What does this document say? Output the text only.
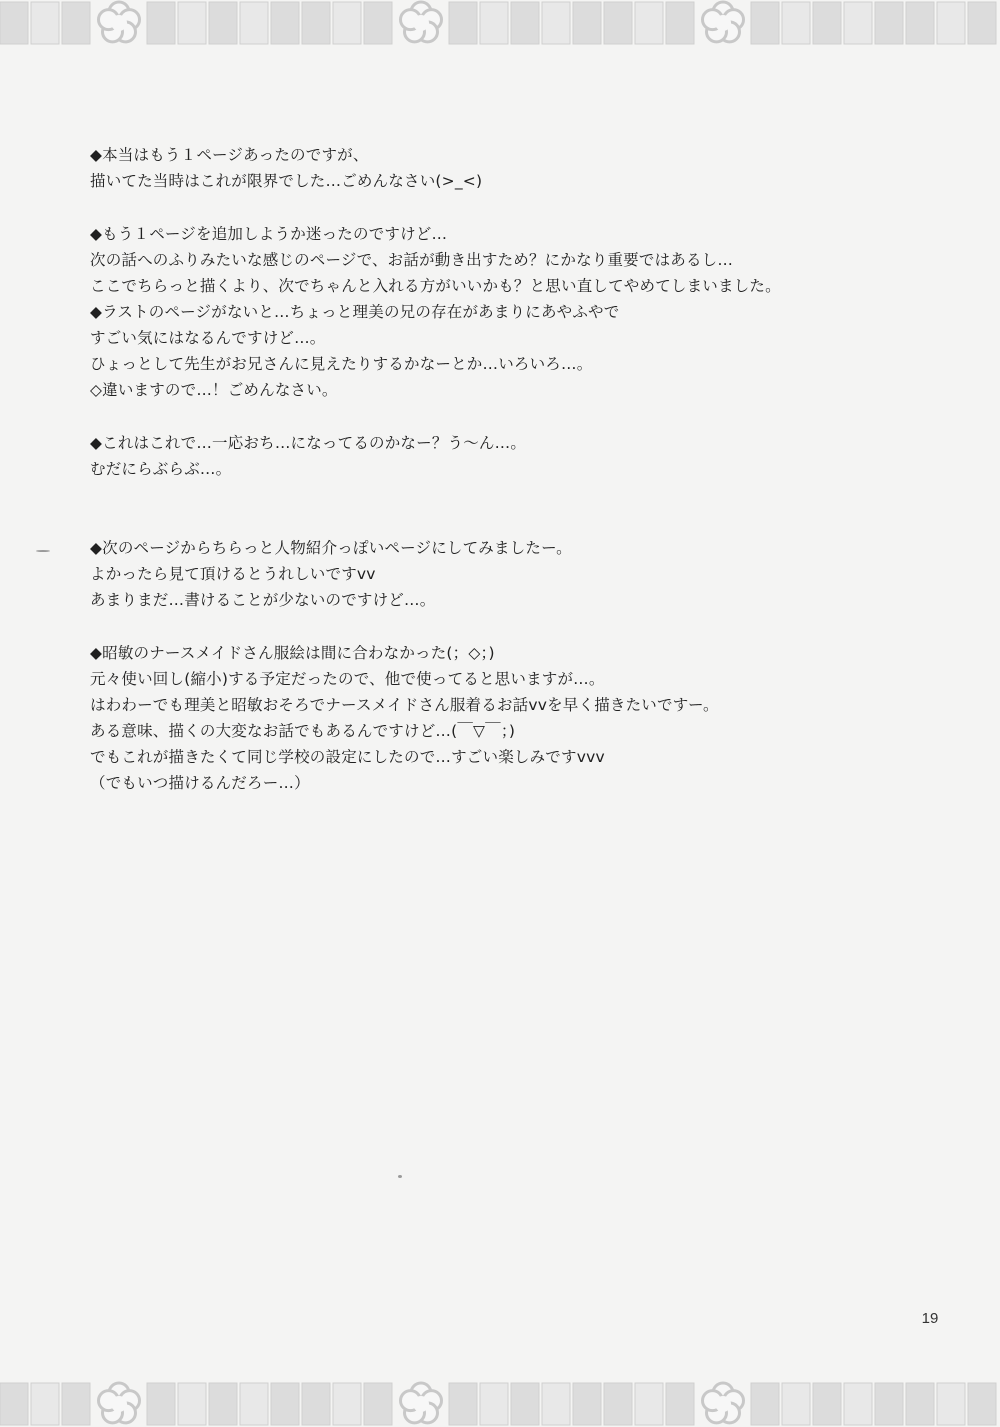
◆本当はもう１ページあったのですが、
描いてた当時はこれが限界でした…ごめんなさい(>_<)
◆もう１ページを追加しようか迷ったのですけど…
次の話へのふりみたいな感じのページで、お話が動き出すため？にかなり重要ではあるし…
ここでちらっと描くより、次でちゃんと入れる方がいいかも？と思い直してやめてしまいました。
◆ラストのページがないと…ちょっと理美の兄の存在があまりにあやふやで
すごい気にはなるんですけど…。
ひょっとして先生がお兄さんに見えたりするかなーとか…いろいろ…。
◇違いますので…！ごめんなさい。
◆これはこれで…一応おち…になってるのかなー？う～ん…。
むだにらぶらぶ…。
◆次のページからちらっと人物紹介っぽいページにしてみましたー。
よかったら見て頂けるとうれしいですvv
あまりまだ…書けることが少ないのですけど…。
◆昭敏のナースメイドさん服絵は間に合わなかった(；◇；)
元々使い回し(縮小)する予定だったので、他で使ってると思いますが…。
はわわーでも理美と昭敏おそろでナースメイドさん服着るお話vvを早く描きたいですー。
ある意味、描くの大変なお話でもあるんですけど…(￣▽￣；)
でもこれが描きたくて同じ学校の設定にしたので…すごい楽しみですvvv
（でもいつ描けるんだろー…）
19
